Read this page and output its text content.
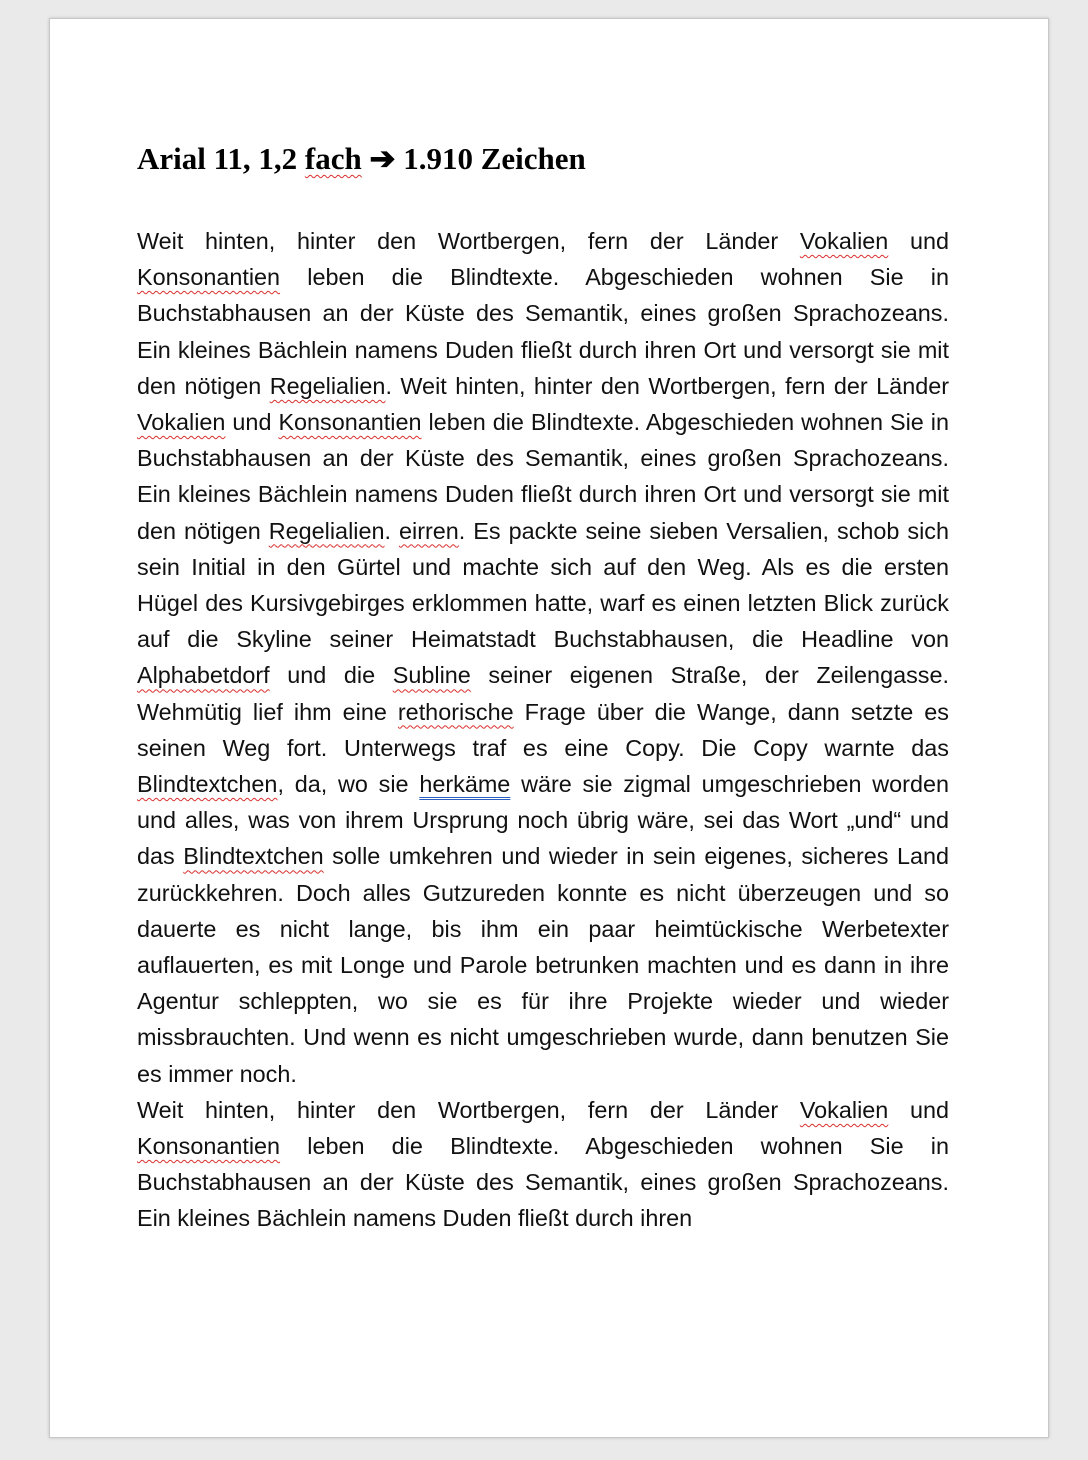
Arial 11, 1,2 fach ➔ 1.910 Zeichen

Weit hinten, hinter den Wortbergen, fern der Länder Vokalien und Konsonantien leben die Blindtexte. Abgeschieden wohnen Sie in Buchstabhausen an der Küste des Semantik, eines großen Sprachozeans. Ein kleines Bächlein namens Duden fließt durch ihren Ort und versorgt sie mit den nötigen Regelialien. Weit hinten, hinter den Wortbergen, fern der Länder Vokalien und Konsonantien leben die Blindtexte. Abgeschieden wohnen Sie in Buchstabhausen an der Küste des Semantik, eines großen Sprachozeans. Ein kleines Bächlein namens Duden fließt durch ihren Ort und versorgt sie mit den nötigen Regelialien. eirren. Es packte seine sieben Versalien, schob sich sein Initial in den Gürtel und machte sich auf den Weg. Als es die ersten Hügel des Kursivgebirges erklommen hatte, warf es einen letzten Blick zurück auf die Skyline seiner Heimatstadt Buchstabhausen, die Headline von Alphabetdorf und die Subline seiner eigenen Straße, der Zeilengasse. Wehmütig lief ihm eine rethorische Frage über die Wange, dann setzte es seinen Weg fort. Unterwegs traf es eine Copy. Die Copy warnte das Blindtextchen, da, wo sie herkäme wäre sie zigmal umgeschrieben worden und alles, was von ihrem Ursprung noch übrig wäre, sei das Wort „und“ und das Blindtextchen solle umkehren und wieder in sein eigenes, sicheres Land zurückkehren. Doch alles Gutzureden konnte es nicht überzeugen und so dauerte es nicht lange, bis ihm ein paar heimtückische Werbetexter auflauerten, es mit Longe und Parole betrunken machten und es dann in ihre Agentur schleppten, wo sie es für ihre Projekte wieder und wieder missbrauchten. Und wenn es nicht umgeschrieben wurde, dann benutzen Sie es immer noch.

Weit hinten, hinter den Wortbergen, fern der Länder Vokalien und Konsonantien leben die Blindtexte. Abgeschieden wohnen Sie in Buchstabhausen an der Küste des Semantik, eines großen Sprachozeans. Ein kleines Bächlein namens Duden fließt durch ihren
